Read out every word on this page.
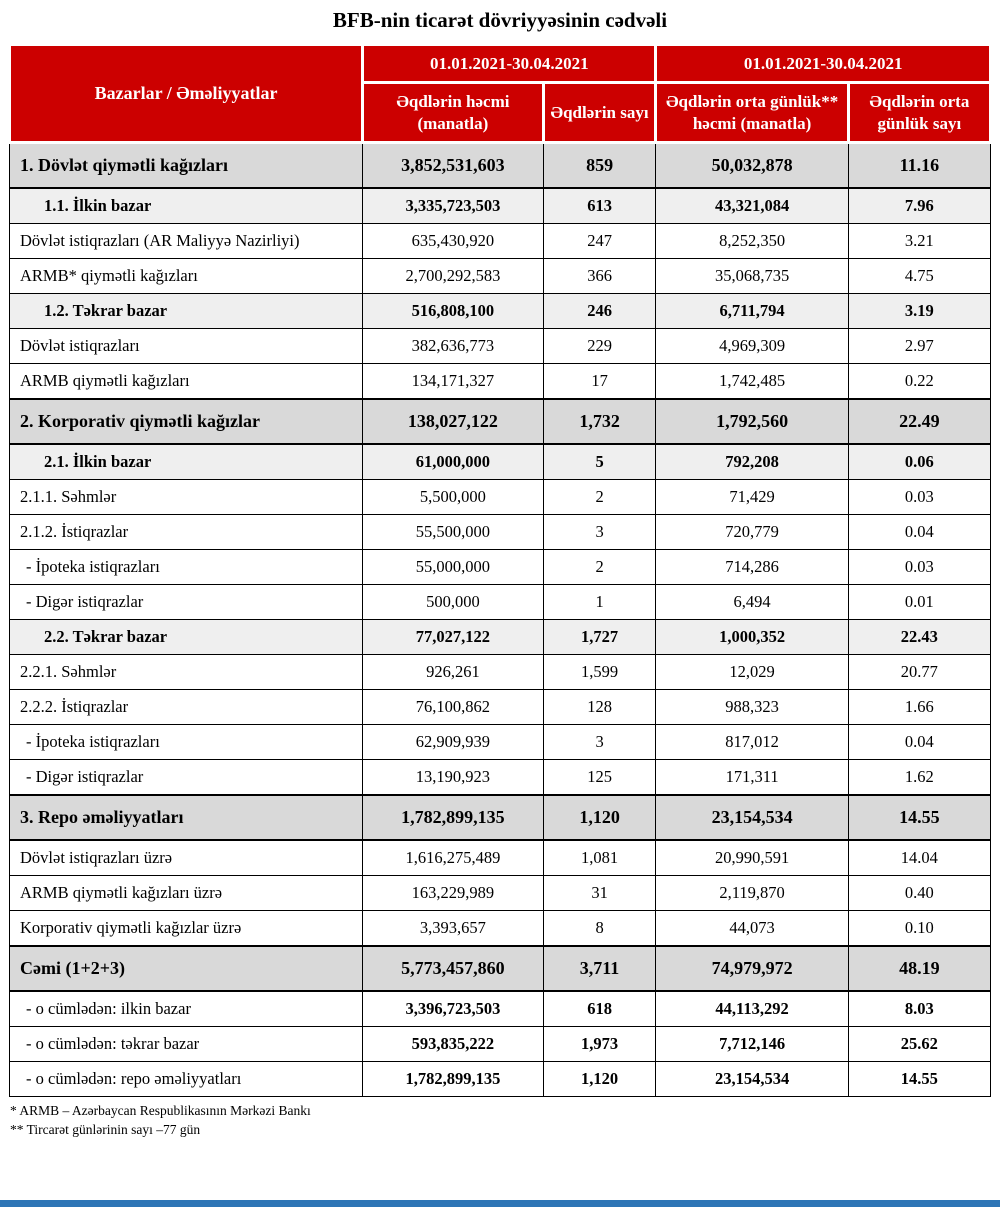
BFB-nin ticarət dövriyyəsinin cədvəli
Bazarlar / Əməliyyatlar	01.01.2021-30.04.2021		01.01.2021-30.04.2021	
	Əqdlərin həcmi (manatla)	Əqdlərin sayı	Əqdlərin orta günlük** həcmi (manatla)	Əqdlərin orta günlük sayı
1. Dövlət qiymətli kağızları	3,852,531,603	859	50,032,878	11.16
1.1. İlkin bazar	3,335,723,503	613	43,321,084	7.96
Dövlət istiqrazları (AR Maliyyə Nazirliyi)	635,430,920	247	8,252,350	3.21
ARMB* qiymətli kağızları	2,700,292,583	366	35,068,735	4.75
1.2. Təkrar bazar	516,808,100	246	6,711,794	3.19
Dövlət istiqrazları	382,636,773	229	4,969,309	2.97
ARMB qiymətli kağızları	134,171,327	17	1,742,485	0.22
2. Korporativ qiymətli kağızlar	138,027,122	1,732	1,792,560	22.49
2.1. İlkin bazar	61,000,000	5	792,208	0.06
2.1.1. Səhmlər	5,500,000	2	71,429	0.03
2.1.2. İstiqrazlar	55,500,000	3	720,779	0.04
- İpoteka istiqrazları	55,000,000	2	714,286	0.03
- Digər istiqrazlar	500,000	1	6,494	0.01
2.2. Təkrar bazar	77,027,122	1,727	1,000,352	22.43
2.2.1. Səhmlər	926,261	1,599	12,029	20.77
2.2.2. İstiqrazlar	76,100,862	128	988,323	1.66
- İpoteka istiqrazları	62,909,939	3	817,012	0.04
- Digər istiqrazlar	13,190,923	125	171,311	1.62
3. Repo əməliyyatları	1,782,899,135	1,120	23,154,534	14.55
Dövlət istiqrazları üzrə	1,616,275,489	1,081	20,990,591	14.04
ARMB qiymətli kağızları üzrə	163,229,989	31	2,119,870	0.40
Korporativ qiymətli kağızlar üzrə	3,393,657	8	44,073	0.10
Cəmi (1+2+3)	5,773,457,860	3,711	74,979,972	48.19
- o cümlədən: ilkin bazar	3,396,723,503	618	44,113,292	8.03
- o cümlədən: təkrar bazar	593,835,222	1,973	7,712,146	25.62
- o cümlədən: repo əməliyyatları	1,782,899,135	1,120	23,154,534	14.55
* ARMB – Azərbaycan Respublikasının Mərkəzi Bankı
** Tircarət günlərinin sayı –77 gün
